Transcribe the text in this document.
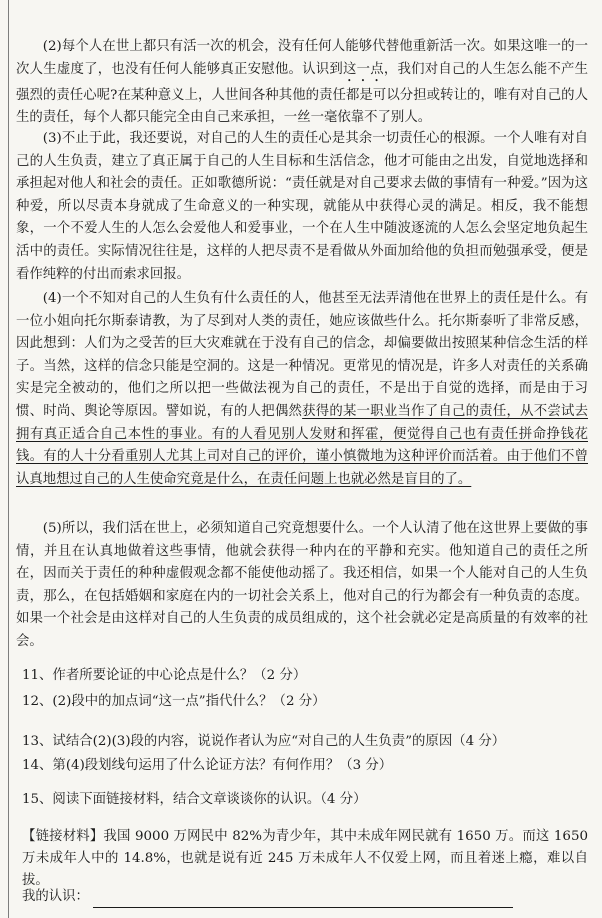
(2)每个人在世上都只有活一次的机会，没有任何人能够代替他重新活一次。如果这唯一的一次人生虚度了，也没有任何人能够真正安慰他。认识到这一点，我们对自己的人生怎么能不产生强烈的责任心呢?在某种意义上，人世间各种其他的责任都是可以分担或转让的，唯有对自己的人生的责任，每个人都只能完全由自己来承担，一丝一毫依靠不了别人。

(3)不止于此，我还要说，对自己的人生的责任心是其余一切责任心的根源。一个人唯有对自己的人生负责，建立了真正属于自己的人生目标和生活信念，他才可能由之出发，自觉地选择和承担起对他人和社会的责任。正如歌德所说：“责任就是对自己要求去做的事情有一种爱。”因为这种爱，所以尽责本身就成了生命意义的一种实现，就能从中获得心灵的满足。相反，我不能想象，一个不爱人生的人怎么会爱他人和爱事业，一个在人生中随波逐流的人怎么会坚定地负起生活中的责任。实际情况往往是，这样的人把尽责不是看做从外面加给他的负担而勉强承受，便是看作纯粹的付出而索求回报。

(4)一个不知对自己的人生负有什么责任的人，他甚至无法弄清他在世界上的责任是什么。有一位小姐向托尔斯泰请教，为了尽到对人类的责任，她应该做些什么。托尔斯泰听了非常反感，因此想到：人们为之受苦的巨大灾难就在于没有自己的信念，却偏要做出按照某种信念生活的样子。当然，这样的信念只能是空洞的。这是一种情况。更常见的情况是，许多人对责任的关系确实是完全被动的，他们之所以把一些做法视为自己的责任，不是出于自觉的选择，而是由于习惯、时尚、舆论等原因。譬如说，有的人把偶然获得的某一职业当作了自己的责任，从不尝试去拥有真正适合自己本性的事业。有的人看见别人发财和挥霍，便觉得自己也有责任拼命挣钱花钱。有的人十分看重别人尤其上司对自己的评价，谨小慎微地为这种评价而活着。由于他们不曾认真地想过自己的人生使命究竟是什么，在责任问题上也就必然是盲目的了。

(5)所以，我们活在世上，必须知道自己究竟想要什么。一个人认清了他在这世界上要做的事情，并且在认真地做着这些事情，他就会获得一种内在的平静和充实。他知道自己的责任之所在，因而关于责任的种种虚假观念都不能使他动摇了。我还相信，如果一个人能对自己的人生负责，那么，在包括婚姻和家庭在内的一切社会关系上，他对自己的行为都会有一种负责的态度。如果一个社会是由这样对自己的人生负责的成员组成的，这个社会就必定是高质量的有效率的社会。

11、作者所要论证的中心论点是什么？（2 分）

12、(2)段中的加点词“这一点”指代什么？（2 分）

13、试结合(2)(3)段的内容，说说作者认为应“对自己的人生负责”的原因（4 分）

14、第(4)段划线句运用了什么论证方法？有何作用？（3 分）

15、阅读下面链接材料，结合文章谈谈你的认识。（4 分）

【链接材料】我国 9000 万网民中 82%为青少年，其中未成年网民就有 1650 万。而这 1650 万未成年人中的 14.8%，也就是说有近 245 万未成年人不仅爱上网，而且着迷上瘾，难以自拔。

我的认识：
